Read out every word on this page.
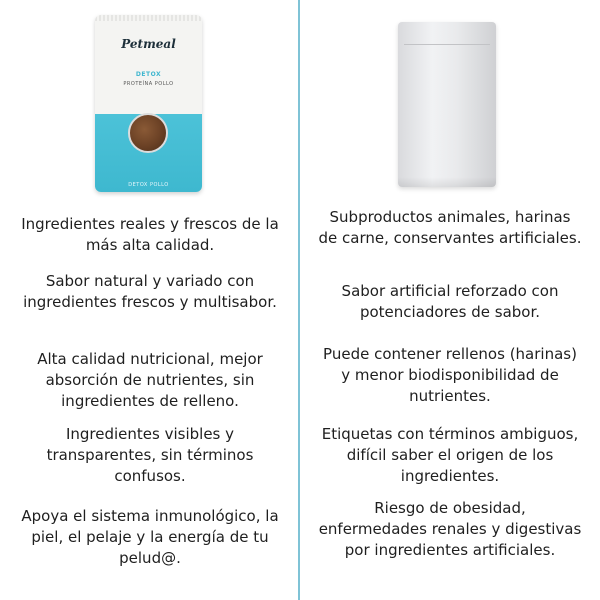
Petmeal
DETOX
PROTEÍNA POLLO
DETOX POLLO
Ingredientes reales y frescos de la más alta calidad.
Sabor natural y variado con ingredientes frescos y multisabor.
Alta calidad nutricional, mejor absorción de nutrientes, sin ingredientes de relleno.
Ingredientes visibles y transparentes, sin términos confusos.
Apoya el sistema inmunológico, la piel, el pelaje y la energía de tu pelud@.
Subproductos animales, harinas de carne, conservantes artificiales.
Sabor artificial reforzado con potenciadores de sabor.
Puede contener rellenos (harinas) y menor biodisponibilidad de nutrientes.
Etiquetas con términos ambiguos, difícil saber el origen de los ingredientes.
Riesgo de obesidad, enfermedades renales y digestivas por ingredientes artificiales.
